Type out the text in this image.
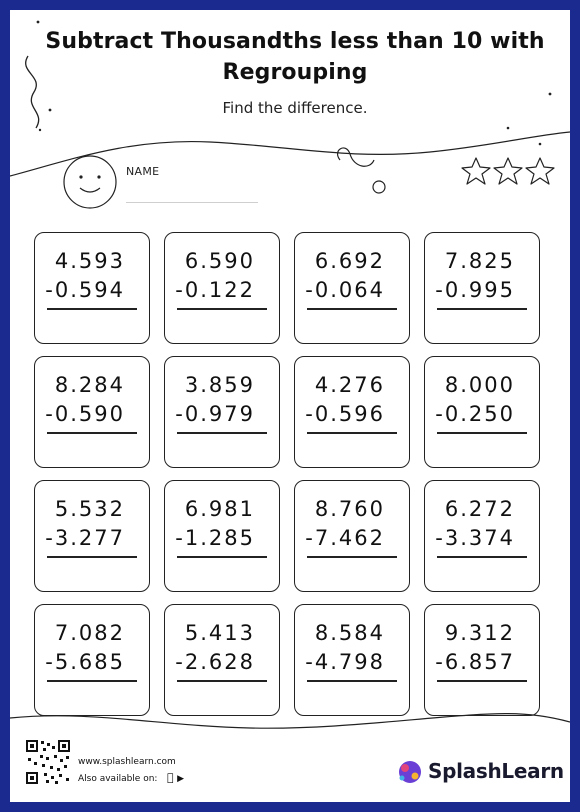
Subtract Thousandths less than 10 with Regrouping
Find the difference.
NAME
4.593
-0.594
6.590
-0.122
6.692
-0.064
7.825
-0.995
8.284
-0.590
3.859
-0.979
4.276
-0.596
8.000
-0.250
5.532
-3.277
6.981
-1.285
8.760
-7.462
6.272
-3.374
7.082
-5.685
5.413
-2.628
8.584
-4.798
9.312
-6.857
www.splashlearn.com
Also available on: ▶	SplashLearn
